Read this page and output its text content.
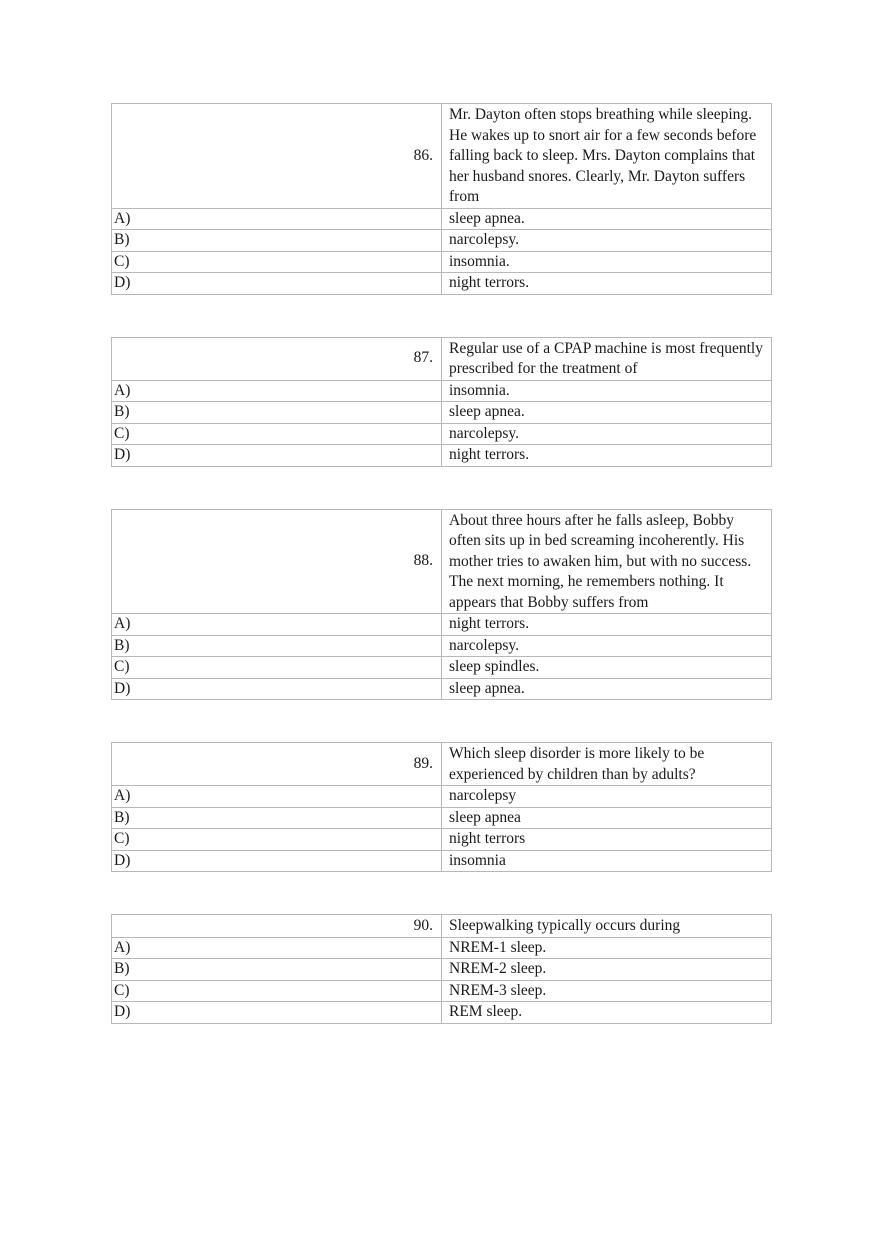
86.	Mr. Dayton often stops breathing while sleeping. He wakes up to snort air for a few seconds before falling back to sleep. Mrs. Dayton complains that her husband snores. Clearly, Mr. Dayton suffers from
A)	sleep apnea.
B)	narcolepsy.
C)	insomnia.
D)	night terrors.
87.	Regular use of a CPAP machine is most frequently prescribed for the treatment of
A)	insomnia.
B)	sleep apnea.
C)	narcolepsy.
D)	night terrors.
88.	About three hours after he falls asleep, Bobby often sits up in bed screaming incoherently. His mother tries to awaken him, but with no success. The next morning, he remembers nothing. It appears that Bobby suffers from
A)	night terrors.
B)	narcolepsy.
C)	sleep spindles.
D)	sleep apnea.
89.	Which sleep disorder is more likely to be experienced by children than by adults?
A)	narcolepsy
B)	sleep apnea
C)	night terrors
D)	insomnia
90.	Sleepwalking typically occurs during
A)	NREM-1 sleep.
B)	NREM-2 sleep.
C)	NREM-3 sleep.
D)	REM sleep.
